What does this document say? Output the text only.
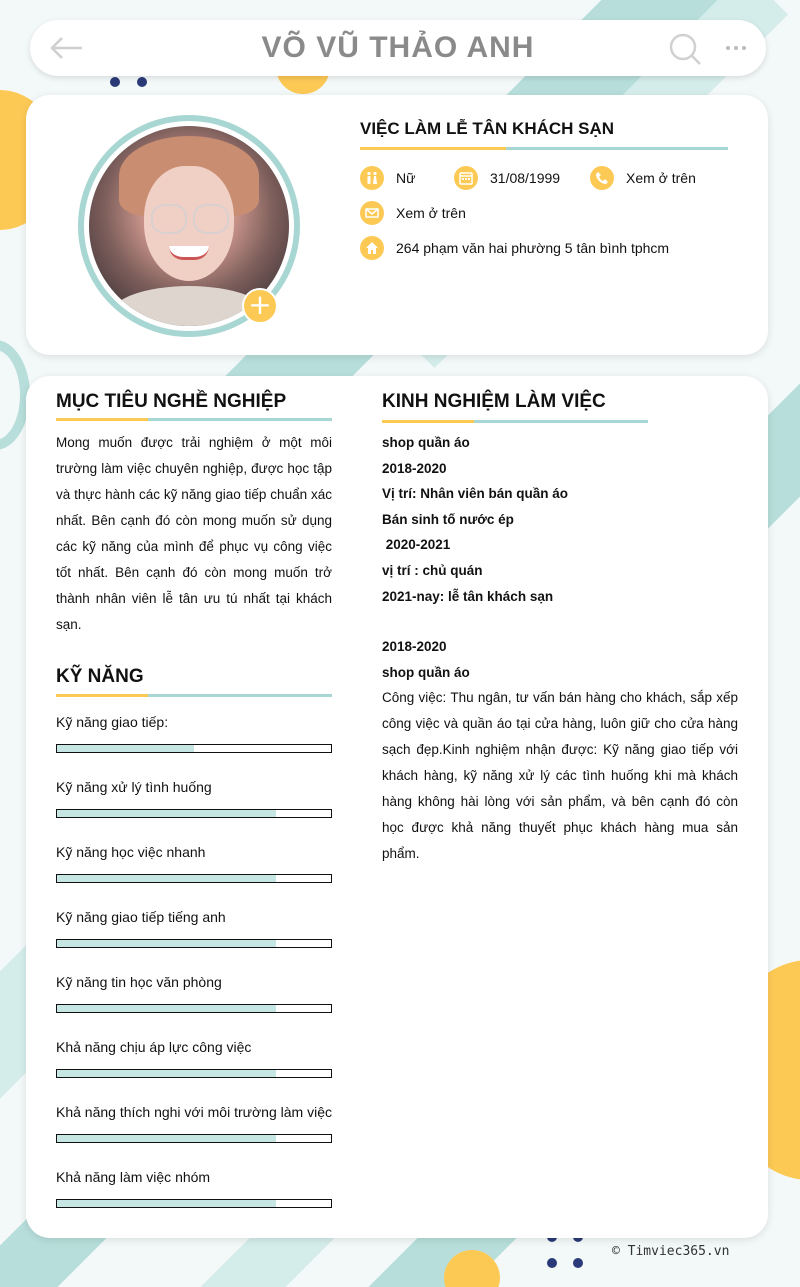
VÕ VŨ THẢO ANH
+
VIỆC LÀM LỄ TÂN KHÁCH SẠN
Nữ	31/08/1999	Xem ở trên
Xem ở trên
264 phạm văn hai phường 5 tân bình tphcm
MỤC TIÊU NGHỀ NGHIỆP

Mong muốn được trải nghiệm ở một môi trường làm việc chuyên nghiệp, được học tập và thực hành các kỹ năng giao tiếp chuẩn xác nhất. Bên cạnh đó còn mong muốn sử dụng các kỹ năng của mình để phục vụ công việc tốt nhất. Bên cạnh đó còn mong muốn trở thành nhân viên lễ tân ưu tú nhất tại khách sạn.

KỸ NĂNG
Kỹ năng giao tiếp:
Kỹ năng xử lý tình huống
Kỹ năng học việc nhanh
Kỹ năng giao tiếp tiếng anh
Kỹ năng tin học văn phòng
Khả năng chịu áp lực công việc
Khả năng thích nghi với môi trường làm việc
Khả năng làm việc nhóm
KINH NGHIỆM LÀM VIỆC
shop quần áo
2018-2020
Vị trí: Nhân viên bán quần áo
Bán sinh tố nước ép
2020-2021
vị trí : chủ quán
2021-nay: lễ tân khách sạn
2018-2020
shop quần áo
Công việc: Thu ngân, tư vấn bán hàng cho khách, sắp xếp công việc và quần áo tại cửa hàng, luôn giữ cho cửa hàng sạch đẹp.Kinh nghiệm nhận được: Kỹ năng giao tiếp với khách hàng, kỹ năng xử lý các tình huống khi mà khách hàng không hài lòng với sản phẩm, và bên cạnh đó còn học được khả năng thuyết phục khách hàng mua sản phẩm.
© Timviec365.vn
